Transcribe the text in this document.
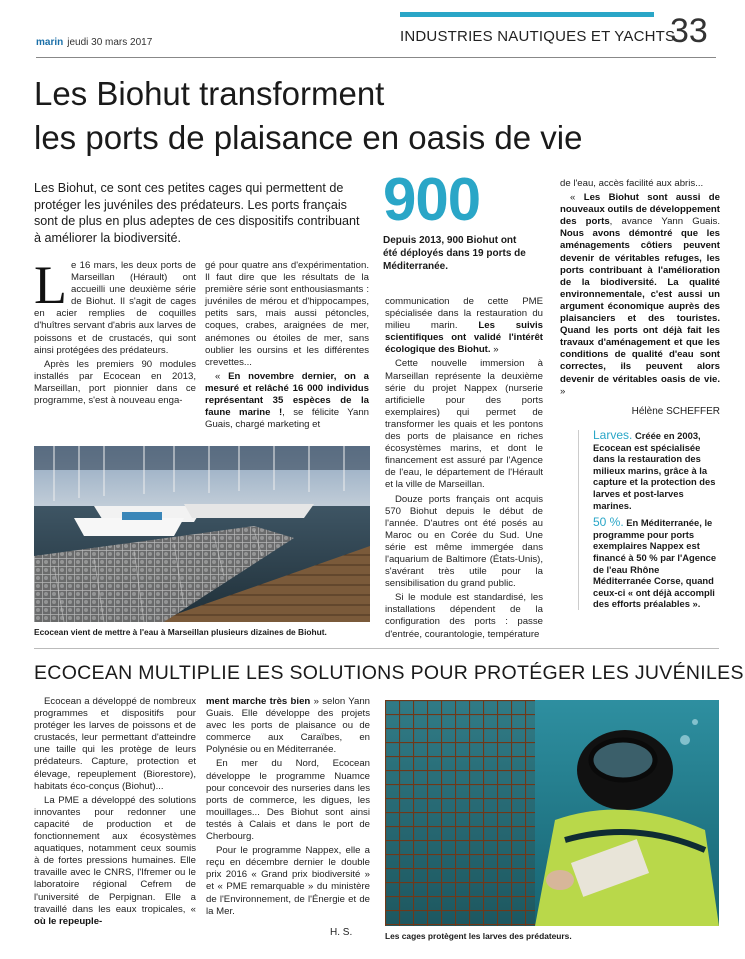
marin jeudi 30 mars 2017	INDUSTRIES NAUTIQUES ET YACHTS
33
Les Biohut transforment
les ports de plaisance en oasis de vie
Les Biohut, ce sont ces petites cages qui permettent de protéger les juvéniles des prédateurs. Les ports français sont de plus en plus adeptes de ces dispositifs contribuant à améliorer la biodiversité.
900
Depuis 2013, 900 Biohut ont été déployés dans 19 ports de Méditerranée.

Le 16 mars, les deux ports de Marseillan (Hérault) ont accueilli une deuxième série de Biohut. Il s'agit de cages en acier remplies de coquilles d'huîtres servant d'abris aux larves de poissons et de crustacés, qui sont ainsi protégées des prédateurs.

Après les premiers 90 modules installés par Ecocean en 2013, Marseillan, port pionnier dans ce programme, s'est à nouveau enga-

gé pour quatre ans d'expérimentation. Il faut dire que les résultats de la première série sont enthousiasmants : juvéniles de mérou et d'hippocampes, petits sars, mais aussi pétoncles, coques, crabes, araignées de mer, anémones ou étoiles de mer, sans oublier les oursins et les différentes crevettes...

« En novembre dernier, on a mesuré et relâché 16 000 individus représentant 35 espèces de la faune marine !, se félicite Yann Guais, chargé marketing et

communication de cette PME spécialisée dans la restauration du milieu marin. Les suivis scientifiques ont validé l'intérêt écologique des Biohut. »

Cette nouvelle immersion à Marseillan représente la deuxième série du projet Nappex (nurserie artificielle pour des ports exemplaires) qui permet de transformer les quais et les pontons des ports de plaisance en riches écosystèmes marins, et dont le financement est assuré par l'Agence de l'eau, le département de l'Hérault et la ville de Marseillan.

Douze ports français ont acquis 570 Biohut depuis le début de l'année. D'autres ont été posés au Maroc ou en Corée du Sud. Une série est même immergée dans l'aquarium de Baltimore (États-Unis), s'avérant très utile pour la sensibilisation du grand public.

Si le module est standardisé, les installations dépendent de la configuration des ports : passe d'entrée, courantologie, température

de l'eau, accès facilité aux abris...

« Les Biohut sont aussi de nouveaux outils de développement des ports, avance Yann Guais. Nous avons démontré que les aménagements côtiers peuvent devenir de véritables refuges, les ports contribuant à l'amélioration de la biodiversité. La qualité environnementale, c'est aussi un argument économique auprès des plaisanciers et des touristes. Quand les ports ont déjà fait les travaux d'aménagement et que les conditions de qualité d'eau sont correctes, ils peuvent alors devenir de véritables oasis de vie. »

Hélène SCHEFFER
Larves. Créée en 2003, Ecocean est spécialisée dans la restauration des milieux marins, grâce à la capture et la protection des larves et post-larves marines.
50 %. En Méditerranée, le programme pour ports exemplaires Nappex est financé à 50 % par l'Agence de l'eau Rhône Méditerranée Corse, quand ceux-ci « ont déjà accompli des efforts préalables ».
Ecocean vient de mettre à l'eau à Marseillan plusieurs dizaines de Biohut.
ECOCEAN MULTIPLIE LES SOLUTIONS POUR PROTÉGER LES JUVÉNILES

Ecocean a développé de nombreux programmes et dispositifs pour protéger les larves de poissons et de crustacés, leur permettant d'atteindre une taille qui les protège de leurs prédateurs. Capture, protection et élevage, repeuplement (Biorestore), habitats éco-conçus (Biohut)...

La PME a développé des solutions innovantes pour redonner une capacité de production et de fonctionnement aux écosystèmes aquatiques, notamment ceux soumis à de fortes pressions humaines. Elle travaille avec le CNRS, l'Ifremer ou le laboratoire régional Cefrem de l'université de Perpignan. Elle a travaillé dans les eaux tropicales, « où le repeuple-

ment marche très bien » selon Yann Guais. Elle développe des projets avec les ports de plaisance ou de commerce aux Caraïbes, en Polynésie ou en Méditerranée.

En mer du Nord, Ecocean développe le programme Nuamce pour concevoir des nurseries dans les ports de commerce, les digues, les mouillages... Des Biohut sont ainsi testés à Calais et dans le port de Cherbourg.

Pour le programme Nappex, elle a reçu en décembre dernier le double prix 2016 « Grand prix biodiversité » et « PME remarquable » du ministère de l'Environnement, de l'Énergie et de la Mer.

H. S.	Les cages protègent les larves des prédateurs.
